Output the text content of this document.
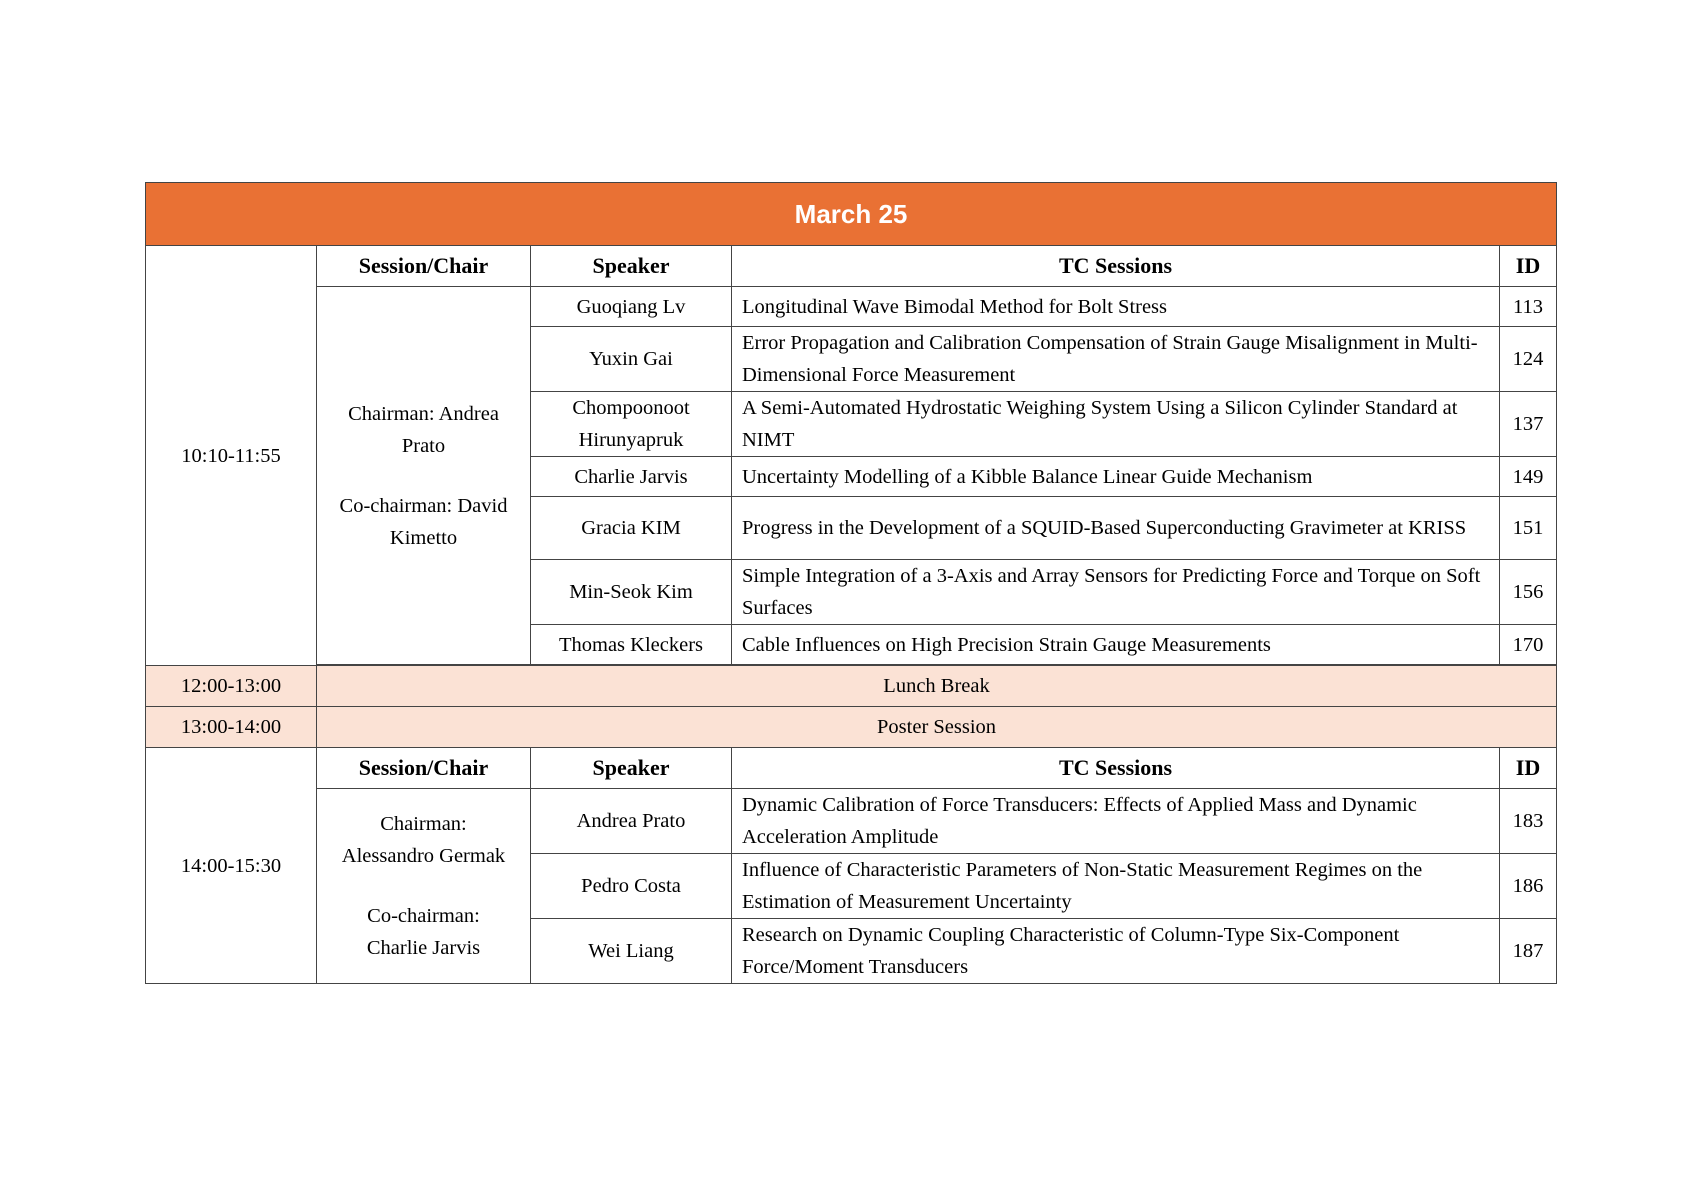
March 25				
10:10-11:55	Session/Chair	Speaker	TC Sessions	ID

	Chairman: Andrea
Prato
Co-chairman: David
Kimetto	Guoqiang Lv	Longitudinal Wave Bimodal Method for Bolt Stress	113
		Yuxin Gai	Error Propagation and Calibration Compensation of Strain Gauge Misalignment in Multi-Dimensional Force Measurement	124
		Chompoonoot Hirunyapruk	A Semi-Automated Hydrostatic Weighing System Using a Silicon Cylinder Standard at NIMT	137
		Charlie Jarvis	Uncertainty Modelling of a Kibble Balance Linear Guide Mechanism	149
		Gracia KIM	Progress in the Development of a SQUID-Based Superconducting Gravimeter at KRISS	151
		Min-Seok Kim	Simple Integration of a 3-Axis and Array Sensors for Predicting Force and Torque on Soft Surfaces	156
		Thomas Kleckers	Cable Influences on High Precision Strain Gauge Measurements	170

12:00-13:00	Lunch Break			
13:00-14:00	Poster Session			
14:00-15:30	Session/Chair	Speaker	TC Sessions	ID

	Chairman:
Alessandro Germak
Co-chairman:
Charlie Jarvis	Andrea Prato	Dynamic Calibration of Force Transducers: Effects of Applied Mass and Dynamic Acceleration Amplitude	183
		Pedro Costa	Influence of Characteristic Parameters of Non-Static Measurement Regimes on the Estimation of Measurement Uncertainty	186
		Wei Liang	Research on Dynamic Coupling Characteristic of Column-Type Six-Component Force/Moment Transducers	187
